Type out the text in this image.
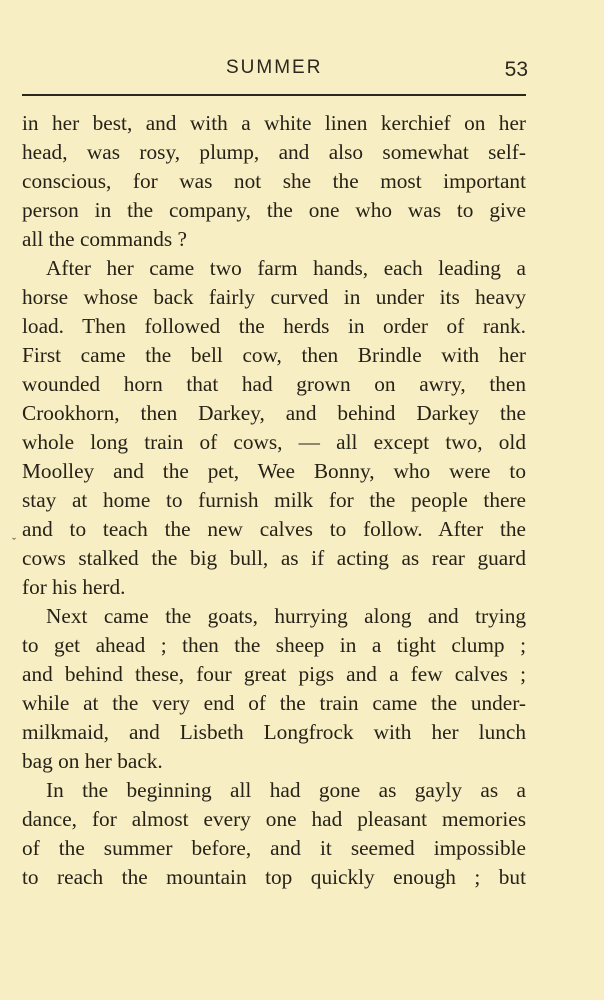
SUMMER	53
in her best, and with a white linen kerchief on her
head, was rosy, plump, and also somewhat self-
conscious, for was not she the most important
person in the company, the one who was to give
all the commands ?
After her came two farm hands, each leading a
horse whose back fairly curved in under its heavy
load. Then followed the herds in order of rank.
First came the bell cow, then Brindle with her
wounded horn that had grown on awry, then
Crookhorn, then Darkey, and behind Darkey the
whole long train of cows, — all except two, old
Moolley and the pet, Wee Bonny, who were to
stay at home to furnish milk for the people there
and to teach the new calves to follow. After the
cows stalked the big bull, as if acting as rear guard
for his herd.
Next came the goats, hurrying along and trying
to get ahead ; then the sheep in a tight clump ;
and behind these, four great pigs and a few calves ;
while at the very end of the train came the under-
milkmaid, and Lisbeth Longfrock with her lunch
bag on her back.
In the beginning all had gone as gayly as a
dance, for almost every one had pleasant memories
of the summer before, and it seemed impossible
to reach the mountain top quickly enough ; but
ˇ
